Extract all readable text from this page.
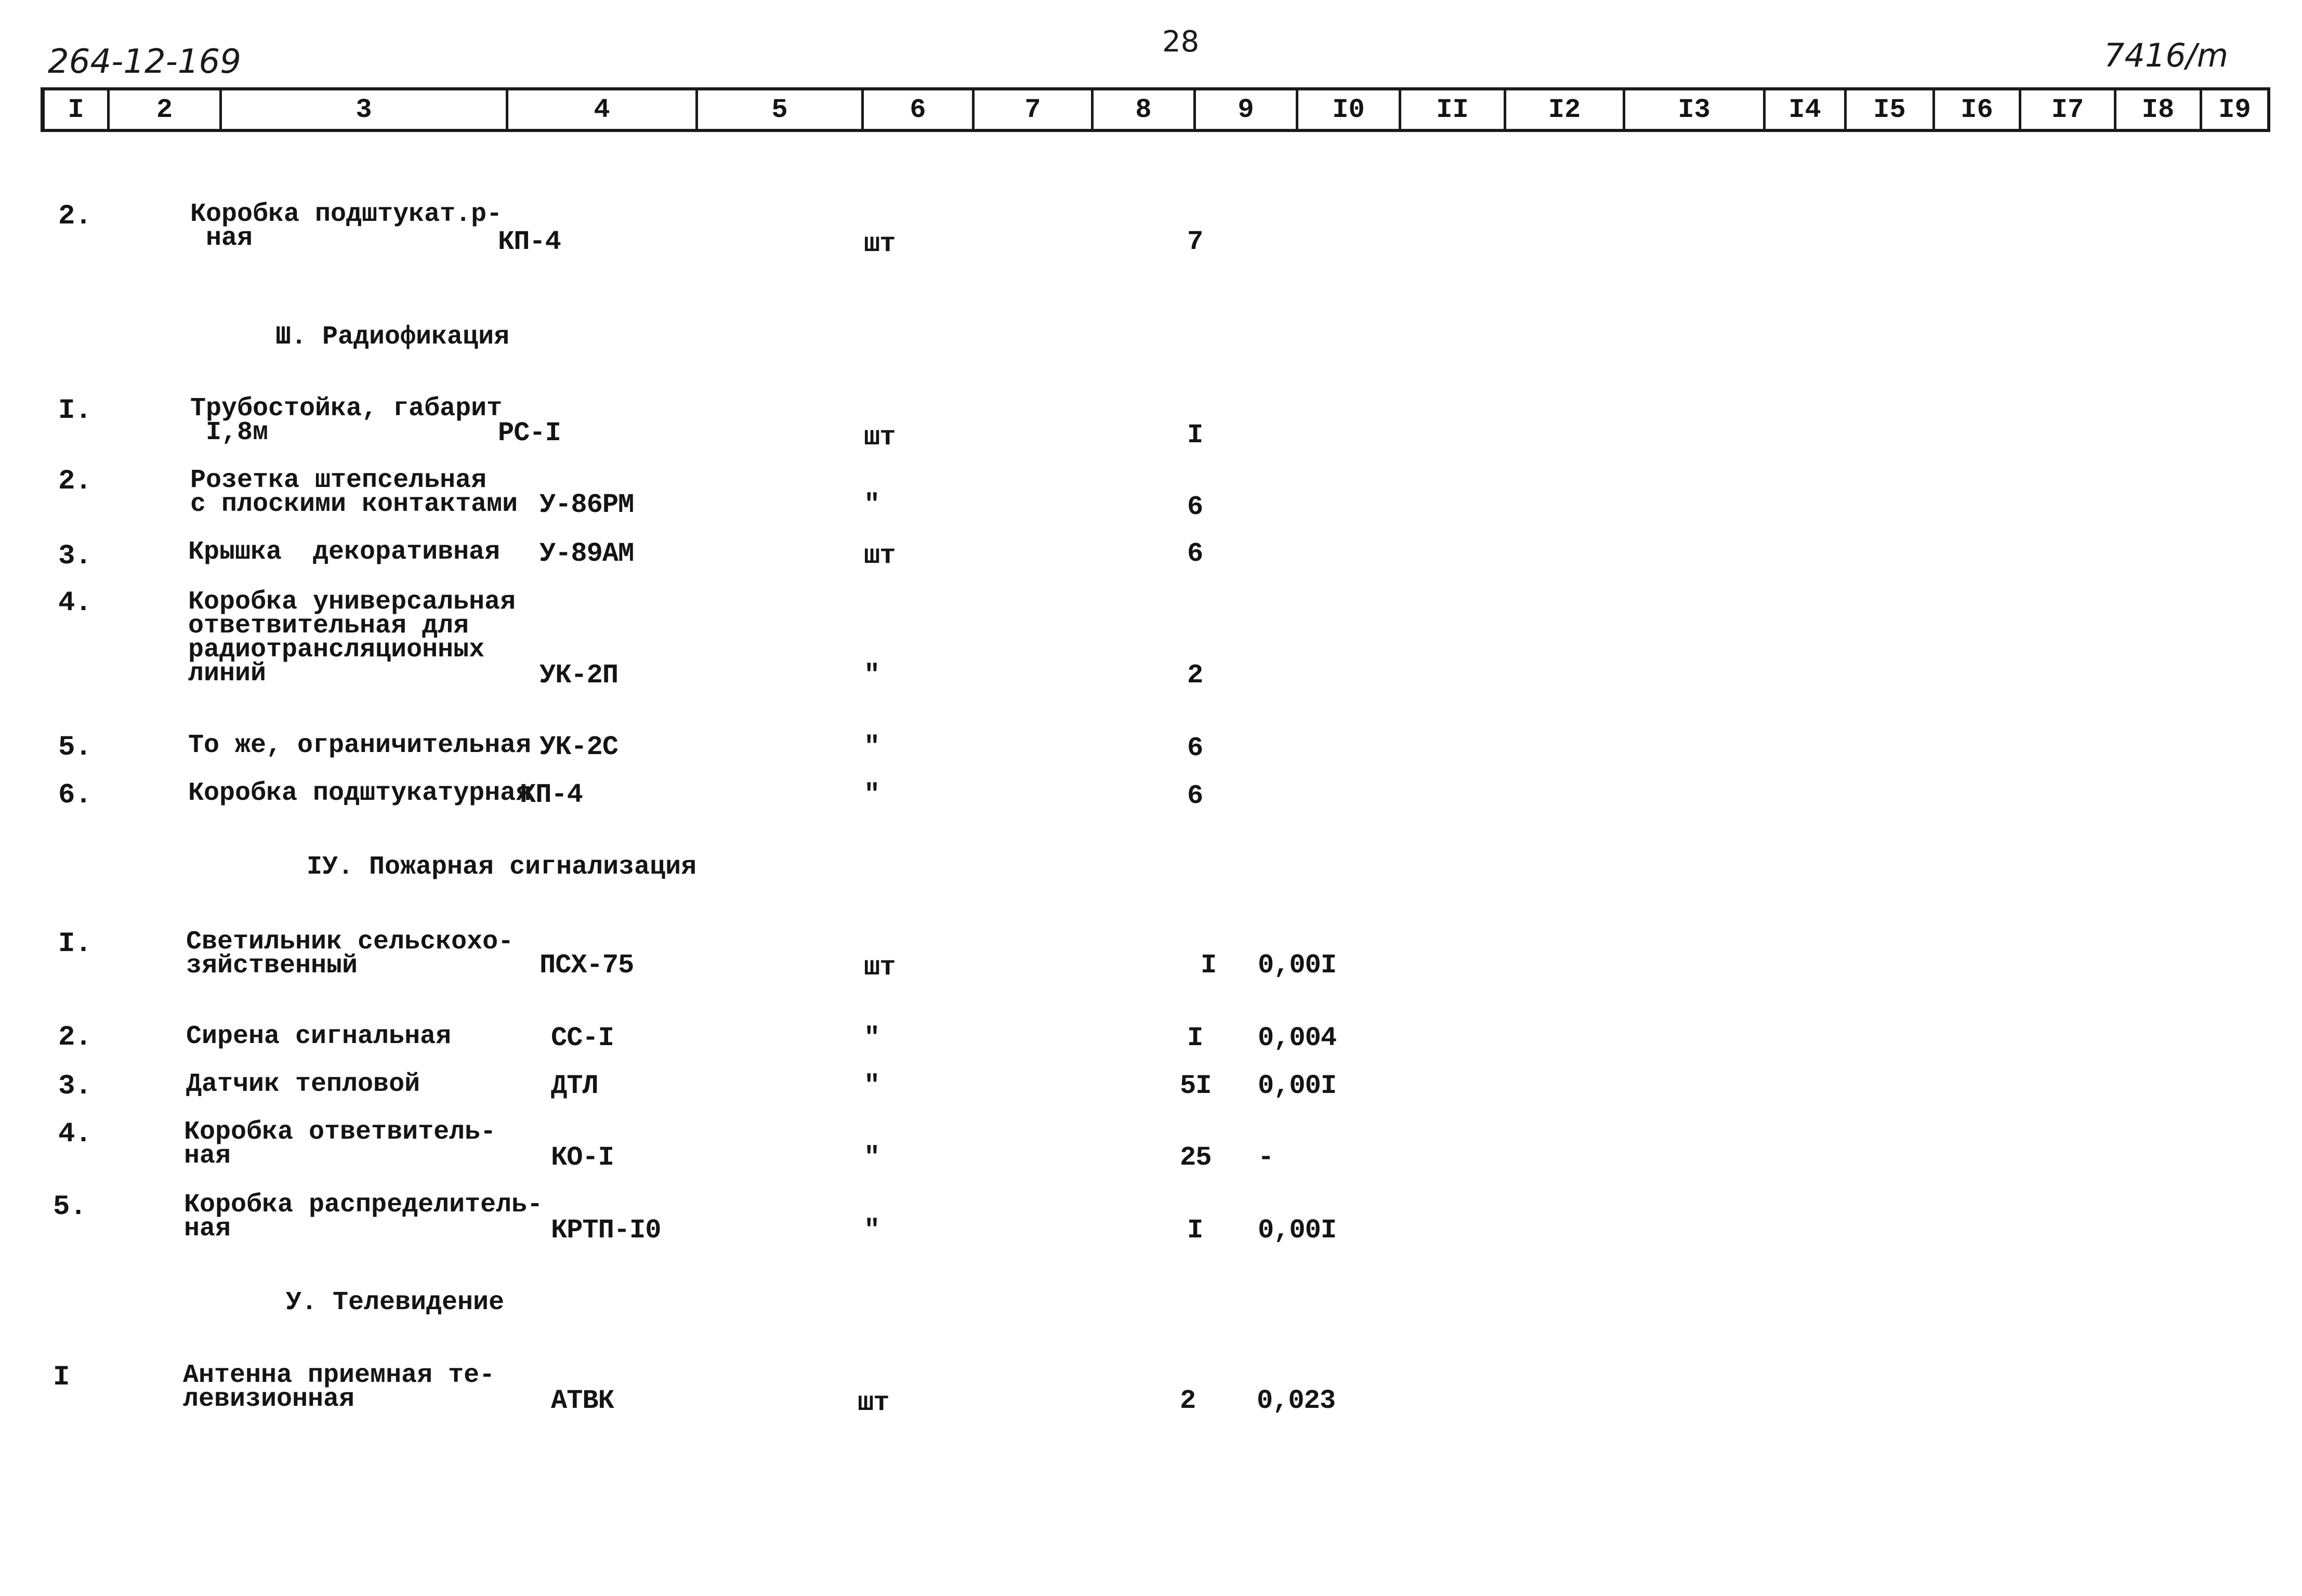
264-12-169
28	7416/m
I	2	3	4	5	6	7	8	9	I0	II	I2	I3	I4	I5	I6	I7	I8	I9
2.	Коробка подштукат.р-
ная	КП-4	шт	7
Ш. Радиофикация
I.	Трубостойка, габарит
I,8м	РС-I	шт	I
2.	Розетка штепсельная
с плоскими контактами У-86РМ	"	6
3.	Крышка  декоративная У-89АМ	шт	6
4.	Коробка универсальная
ответвительная для
радиотрансляционных
линий	УК-2П	"	2
5.	То же, ограничительная УК-2С	"	6
6.	Коробка подштукатурная
КП-4	"	6
IУ. Пожарная сигнализация
I.	Светильник сельскохо-
зяйственный	ПСХ-75	шт	I 0,00I
2.	Сирена сигнальная	СС-I	"	I 0,004
3.	Датчик тепловой	ДТЛ	"	5I 0,00I
4.	Коробка ответвитель-
ная	КО-I	"	25 -
5.	Коробка распределитель-
ная	КРТП-I0	"	I 0,00I
У. Телевидение
I	Антенна приемная те-
левизионная	АТВК	шт	2 0,023
